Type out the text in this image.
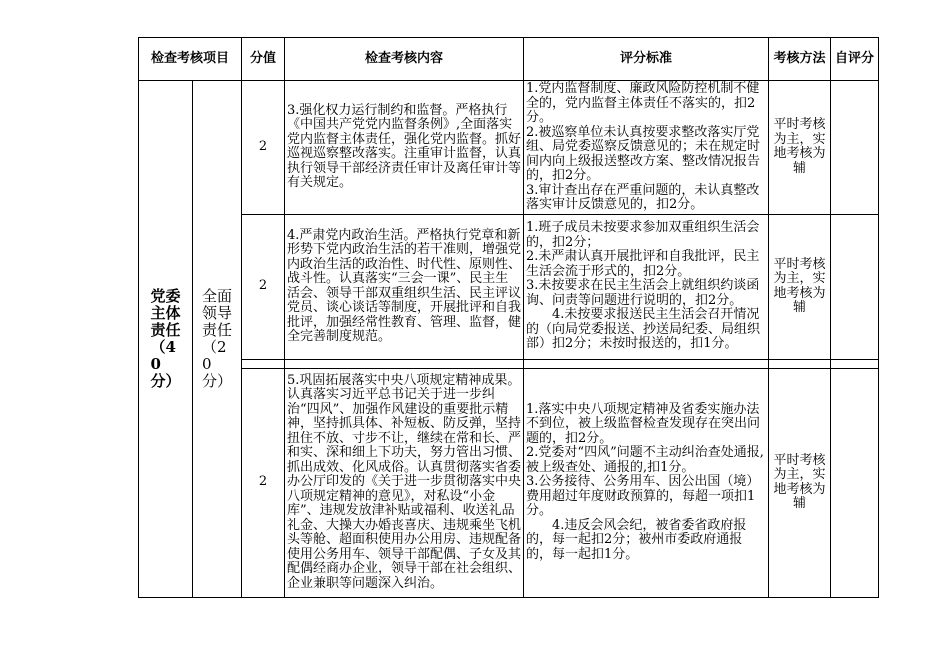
检查考核项目		分值	检查考核内容	评分标准	考核方法	自评分
党委主体责任（40分）	全面领导责任（20分）	2	3.强化权力运行制约和监督。严格执行《中国共产党党内监督条例》,全面落实党内监督主体责任，强化党内监督。抓好巡视巡察整改落实。注重审计监督，认真执行领导干部经济责任审计及离任审计等有关规定。	1.党内监督制度、廉政风险防控机制不健全的，党内监督主体责任不落实的，扣2分。
2.被巡察单位未认真按要求整改落实厅党组、局党委巡察反馈意见的；未在规定时间内向上级报送整改方案、整改情况报告的，扣2分。
3.审计查出存在严重问题的，未认真整改落实审计反馈意见的，扣2分。	平时考核为主，实地考核为辅	
		2	4.严肃党内政治生活。严格执行党章和新形势下党内政治生活的若干准则，增强党内政治生活的政治性、时代性、原则性、战斗性。认真落实“三会一课”、民主生活会、领导干部双重组织生活、民主评议党员、谈心谈话等制度，开展批评和自我批评，加强经常性教育、管理、监督，健全完善制度规范。	1.班子成员未按要求参加双重组织生活会的，扣2分；
2.未严肃认真开展批评和自我批评，民主生活会流于形式的，扣2分。
3.未按要求在民主生活会上就组织约谈函询、问责等问题进行说明的，扣2分。
　　4.未按要求报送民主生活会召开情况的（向局党委报送、抄送局纪委、局组织部）扣2分；未按时报送的，扣1分。	平时考核为主，实地考核为辅	

2	5.巩固拓展落实中央八项规定精神成果。认真落实习近平总书记关于进一步纠治“四风”、加强作风建设的重要批示精神，坚持抓具体、补短板、防反弹，坚持扭住不放、寸步不让，继续在常和长、严和实、深和细上下功夫，努力管出习惯、抓出成效、化风成俗。认真贯彻落实省委办公厅印发的《关于进一步贯彻落实中央八项规定精神的意见》，对私设“小金库”、违规发放津补贴或福利、收送礼品礼金、大操大办婚丧喜庆、违规乘坐飞机头等舱、超面积使用办公用房、违规配备使用公务用车、领导干部配偶、子女及其配偶经商办企业，领导干部在社会组织、企业兼职等问题深入纠治。	
1.落实中央八项规定精神及省委实施办法不到位，被上级监督检查发现存在突出问题的，扣2分。
2.党委对“四风”问题不主动纠治查处通报,被上级查处、通报的,扣1分。
3.公务接待、公务用车、因公出国（境）费用超过年度财政预算的，每超一项扣1分。
　　4.违反会风会纪，被省委省政府报的，每一起扣2分；被州市委政府通报的，每一起扣1分。
	平时考核为主，实地考核为辅	
